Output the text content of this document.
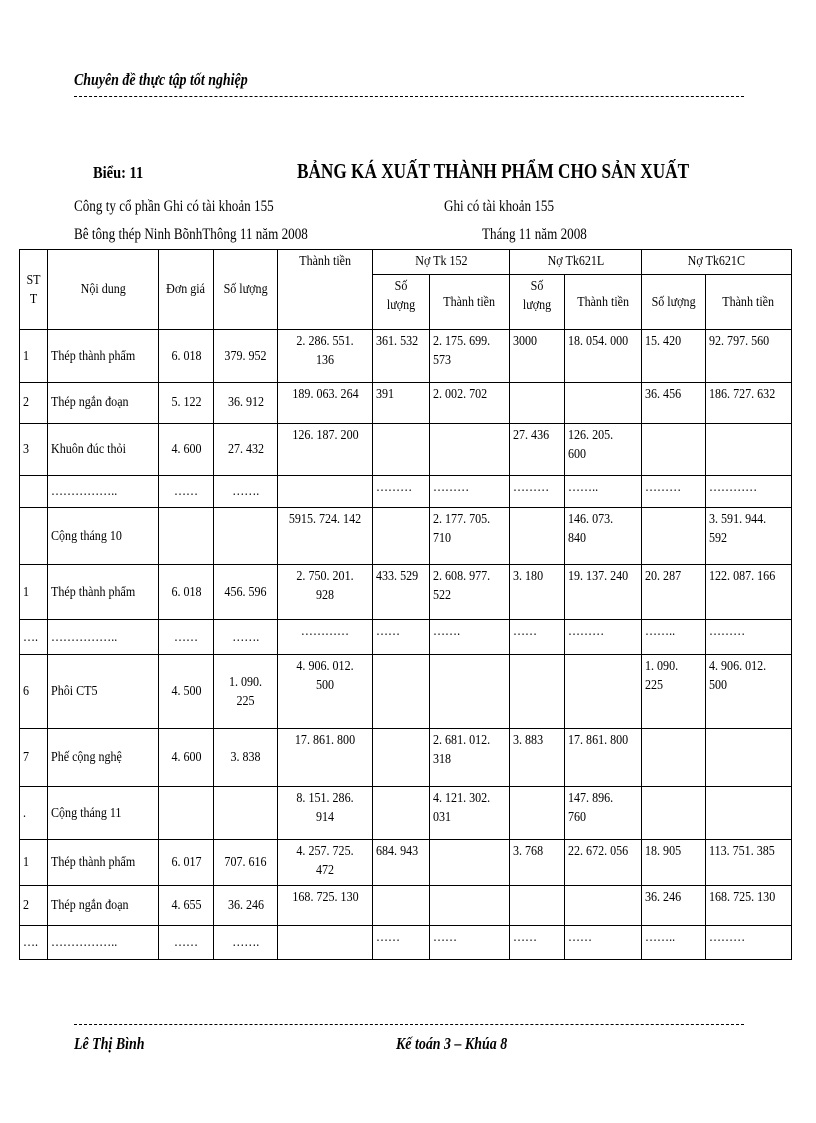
Chuyên đề thực tập tốt nghiệp
Biểu: 11	BẢNG KÁ XUẤT THÀNH PHẨM CHO SẢN XUẤT
Công ty cổ phần Ghi có tài khoản 155	Ghi có tài khoản 155
Bê tông thép Ninh BõnhThông 11 năm 2008	Tháng 11 năm 2008
ST T	Nội dung	Đơn giá	Số lượng	Thành tiền	Nợ Tk 152		Nợ Tk621L		Nợ Tk621C	
					Số lượng	Thành tiền	Số lượng	Thành tiền	Số lượng	Thành tiền
1	Thép thành phẩm	6. 018	379. 952	2. 286. 551. 136	361. 532	2. 175. 699. 573	3000	18. 054. 000	15. 420	92. 797. 560
2	Thép ngắn đoạn	5. 122	36. 912	189. 063. 264	391	2. 002. 702			36. 456	186. 727. 632
3	Khuôn đúc thỏi	4. 600	27. 432	126. 187. 200			27. 436	126. 205. 600		
	……………..	……	…….		………	………	………	……..	………	…………
	Cộng tháng 10			5915. 724. 142		2. 177. 705. 710		146. 073. 840		3. 591. 944. 592
1	Thép thành phẩm	6. 018	456. 596	2. 750. 201. 928	433. 529	2. 608. 977. 522	3. 180	19. 137. 240	20. 287	122. 087. 166
….	……………..	……	…….	…………	……	…….	……	………	……..	………
6	Phôi CT5	4. 500	1. 090. 225	4. 906. 012. 500					1. 090. 225	4. 906. 012. 500
7	Phế cộng nghệ	4. 600	3. 838	17. 861. 800		2. 681. 012. 318	3. 883	17. 861. 800		
.	Cộng tháng 11			8. 151. 286. 914		4. 121. 302. 031		147. 896. 760		
1	Thép thành phẩm	6. 017	707. 616	4. 257. 725. 472	684. 943		3. 768	22. 672. 056	18. 905	113. 751. 385
2	Thép ngắn đoạn	4. 655	36. 246	168. 725. 130					36. 246	168. 725. 130
….	……………..	……	…….		……	……	……	……	……..	………
Lê Thị Bình	Kế toán 3 – Khúa 8
